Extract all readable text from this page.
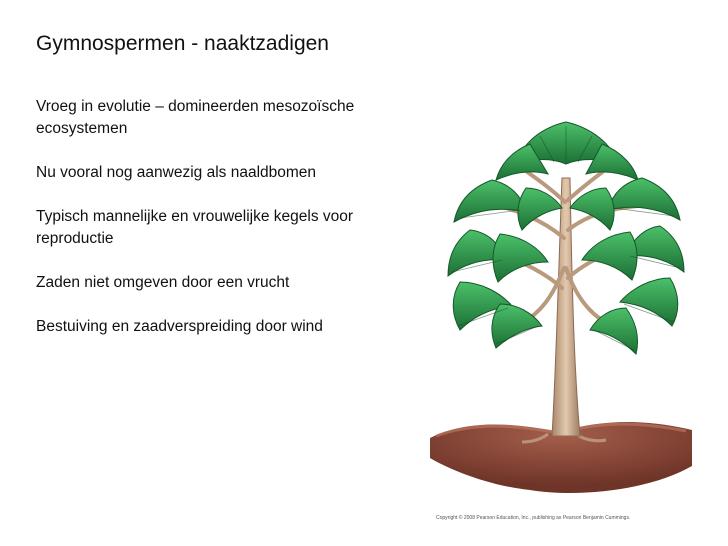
Gymnospermen - naaktzadigen
Vroeg in evolutie – domineerden mesozoïsche ecosystemen
Nu vooral nog aanwezig als naaldbomen
Typisch mannelijke en vrouwelijke kegels voor reproductie
Zaden niet omgeven door een vrucht
Bestuiving en zaadverspreiding door wind
Copyright © 2008 Pearson Education, Inc., publishing as Pearson Benjamin Cummings.
